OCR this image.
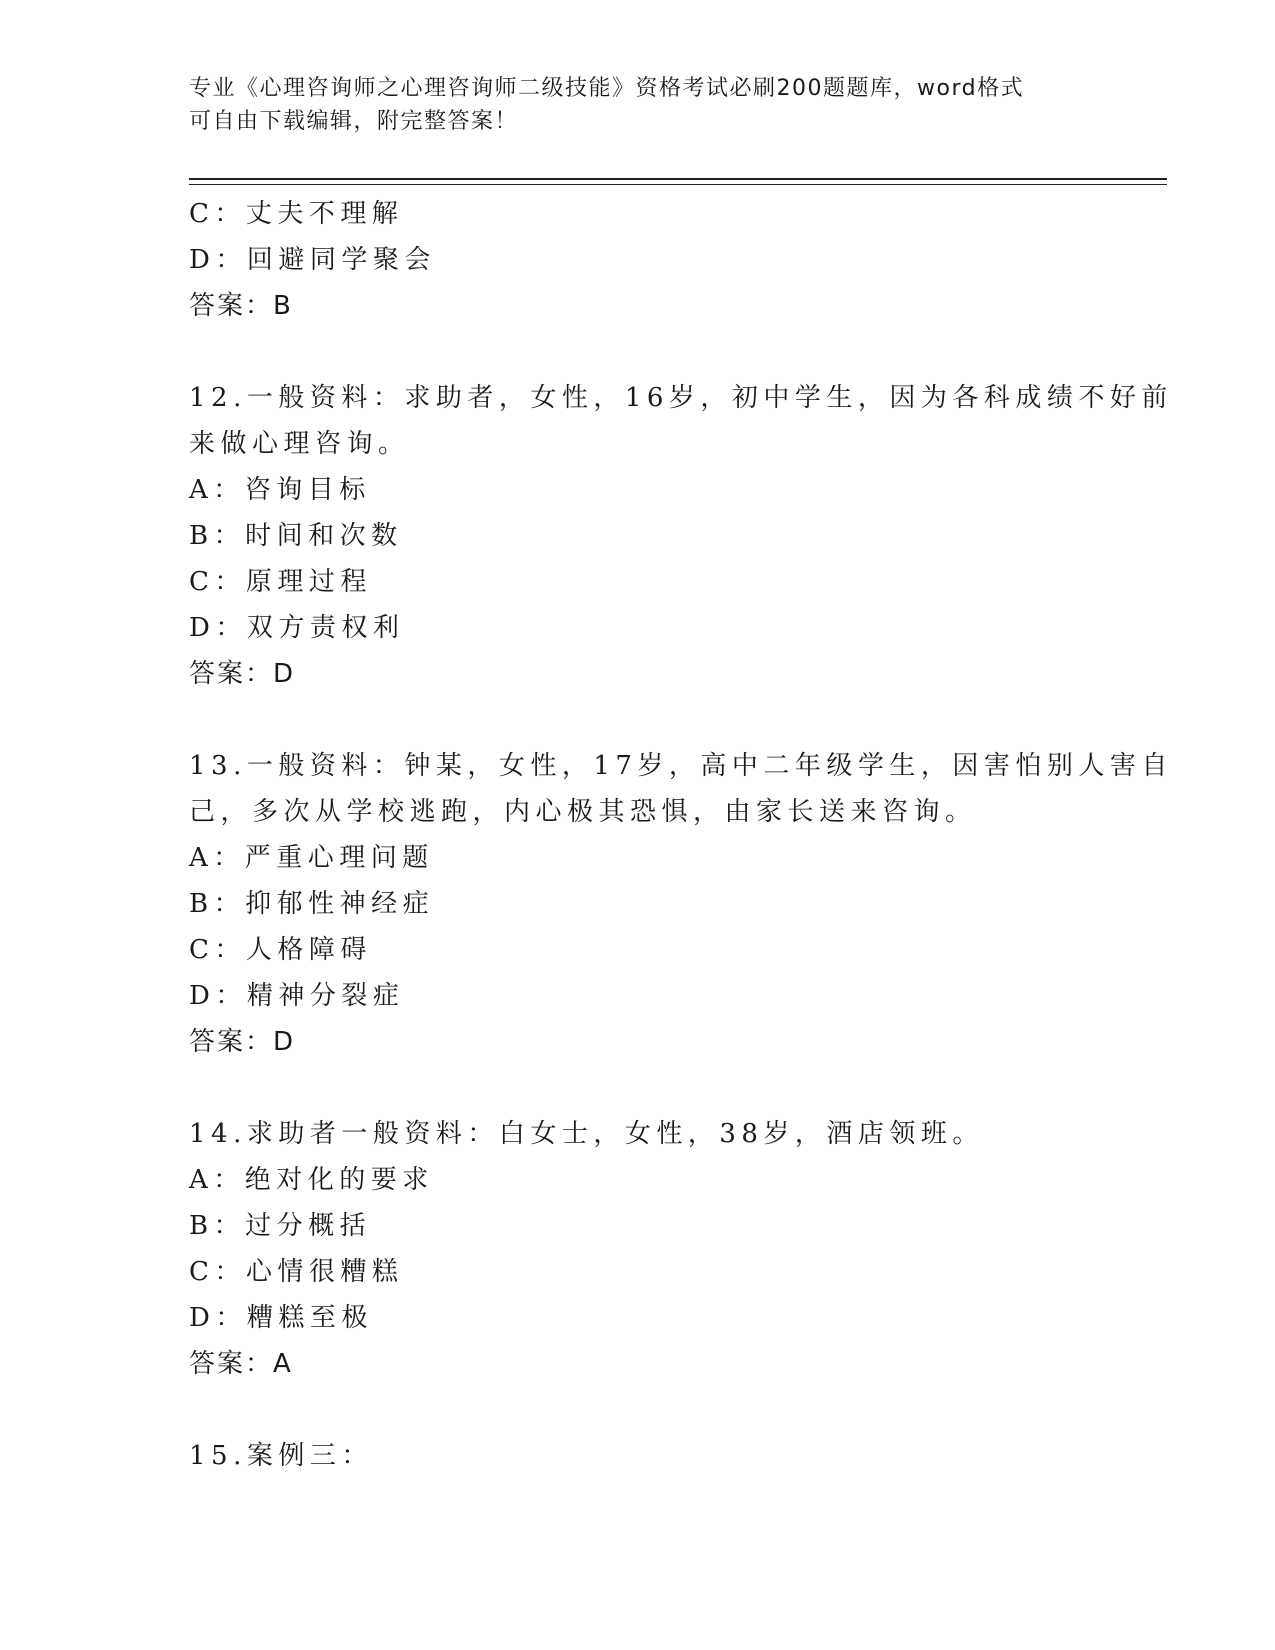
专业《心理咨询师之心理咨询师二级技能》资格考试必刷200题题库，word格式
可自由下载编辑，附完整答案！
C：丈夫不理解
D：回避同学聚会
答案：B
12.一般资料：求助者，女性，16岁，初中学生，因为各科成绩不好前
来做心理咨询。
A：咨询目标
B：时间和次数
C：原理过程
D：双方责权利
答案：D
13.一般资料：钟某，女性，17岁，高中二年级学生，因害怕别人害自
己，多次从学校逃跑，内心极其恐惧，由家长送来咨询。
A：严重心理问题
B：抑郁性神经症
C：人格障碍
D：精神分裂症
答案：D
14.求助者一般资料：白女士，女性，38岁，酒店领班。
A：绝对化的要求
B：过分概括
C：心情很糟糕
D：糟糕至极
答案：A
15.案例三：
